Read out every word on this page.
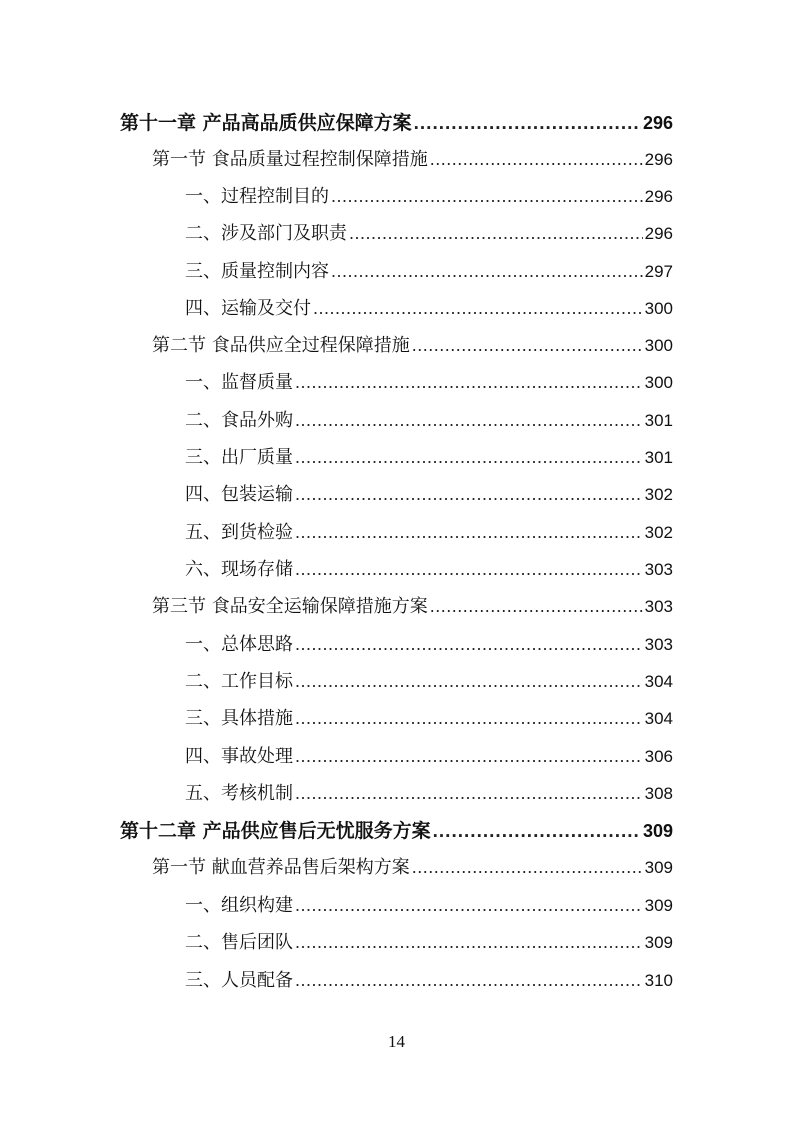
第十一章 产品高品质供应保障方案 .....	296
第一节 食品质量过程控制保障措施 .....	296
一、过程控制目的 .....	296
二、涉及部门及职责 .....	296
三、质量控制内容 .....	297
四、运输及交付 .....	300
第二节 食品供应全过程保障措施 .....	300
一、监督质量 .....	300
二、食品外购 .....	301
三、出厂质量 .....	301
四、包装运输 .....	302
五、到货检验 .....	302
六、现场存储 .....	303
第三节 食品安全运输保障措施方案 .....	303
一、总体思路 .....	303
二、工作目标 .....	304
三、具体措施 .....	304
四、事故处理 .....	306
五、考核机制 .....	308
第十二章 产品供应售后无忧服务方案 .....	309
第一节 献血营养品售后架构方案 .....	309
一、组织构建 .....	309
二、售后团队 .....	309
三、人员配备 .....	310
14
